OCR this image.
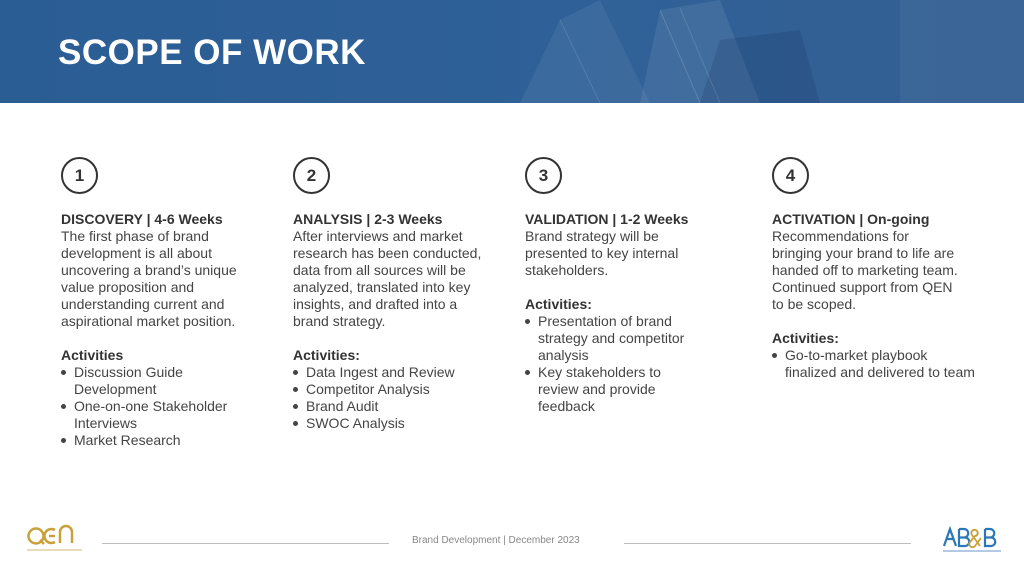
SCOPE OF WORK
1
DISCOVERY | 4-6 Weeks
The first phase of brand development is all about uncovering a brand’s unique value proposition and understanding current and aspirational market position.
Activities
Discussion Guide Development
One-on-one Stakeholder Interviews
Market Research
2
ANALYSIS | 2-3 Weeks
After interviews and market research has been conducted, data from all sources will be analyzed, translated into key insights, and drafted into a brand strategy.
Activities:
Data Ingest and Review
Competitor Analysis
Brand Audit
SWOC Analysis
3
VALIDATION | 1-2 Weeks
Brand strategy will be presented to key internal stakeholders.
Activities:
Presentation of brand strategy and competitor analysis
Key stakeholders to review and provide feedback
4
ACTIVATION | On-going
Recommendations for bringing your brand to life are handed off to marketing team. Continued support from QEN to be scoped.
Activities:
Go-to-market playbook finalized and delivered to team
Brand Development | December 2023
